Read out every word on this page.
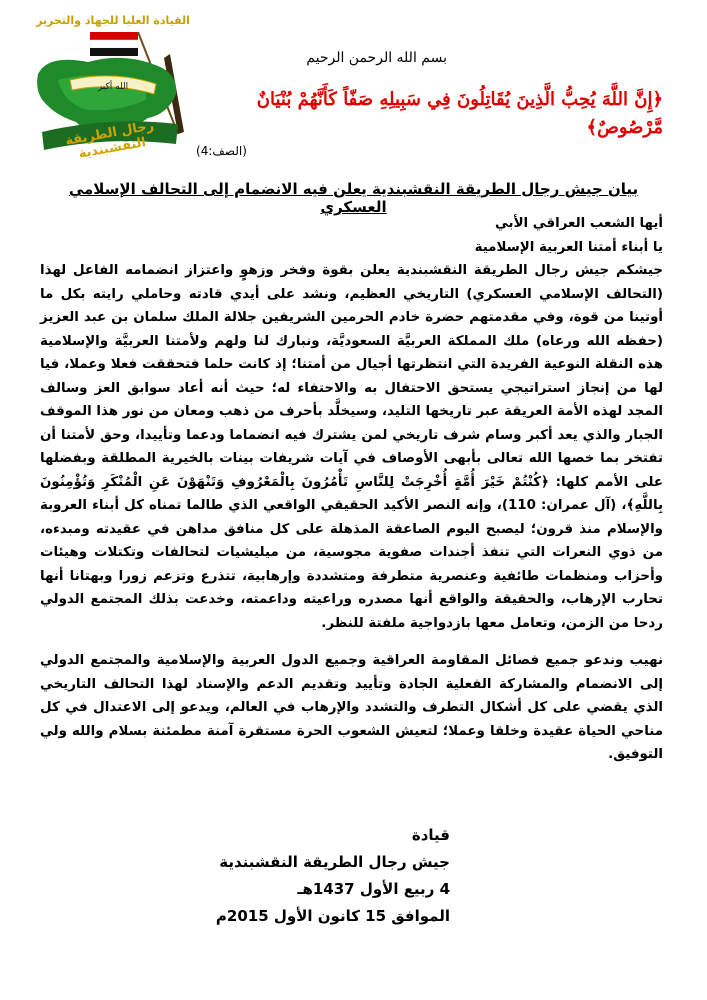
القيادة العليا للجهاد والتحرير
الله أكبر
رجال الطريقة النقشبندية
بسم الله الرحمن الرحيم
﴿إِنَّ اللَّهَ يُحِبُّ الَّذِينَ يُقَاتِلُونَ فِي سَبِيلِهِ صَفّاً كَأَنَّهُمْ بُنْيَانٌ مَّرْصُوصٌ﴾
(الصف:4)
بيان جيش رجال الطريقة النقشبندية يعلن فيه الانضمام إلى التحالف الإسلامي العسكري

أيها الشعب العراقي الأبي

يا أبناء أمتنا العربية الإسلامية

جيشكم جيش رجال الطريقة النقشبندية يعلن بقوة وفخر وزهوٍ واعتزاز انضمامه الفاعل لهذا (التحالف الإسلامي العسكري) التاريخي العظيم، ونشد على أيدي قادته وحاملي رايته بكل ما أوتينا من قوة، وفي مقدمتهم حضرة خادم الحرمين الشريفين جلالة الملك سلمان بن عبد العزيز (حفظه الله ورعاه) ملك المملكة العربيَّة السعوديَّة، ونبارك لنا ولهم ولأمتنا العربيَّة والإسلامية هذه النقلة النوعية الفريدة التي انتظرتها أجيال من أمتنا؛ إذ كانت حلما فتحققت فعلا وعملا، فيا لها من إنجاز استراتيجي يستحق الاحتفال به والاحتفاء له؛ حيث أنه أعاد سوابق العز وسالف المجد لهذه الأمة العريقة عبر تاريخها التليد، وسيخلَّد بأحرف من ذهب ومعان من نور هذا الموقف الجبار والذي يعد أكبر وسام شرف تاريخي لمن يشترك فيه انضماما ودعما وتأييدا، وحق لأمتنا أن تفتخر بما خصها الله تعالى بأبهى الأوصاف في آيات شريفات بينات بالخيرية المطلقة وبفضلها على الأمم كلها: ﴿كُنْتُمْ خَيْرَ أُمَّةٍ أُخْرِجَتْ لِلنَّاسِ تَأْمُرُونَ بِالْمَعْرُوفِ وَتَنْهَوْنَ عَنِ الْمُنْكَرِ وَتُؤْمِنُونَ بِاللَّهِ﴾، (آل عمران: 110)، وإنه النصر الأكيد الحقيقي الواقعي الذي طالما تمناه كل أبناء العروبة والإسلام منذ قرون؛ ليصبح اليوم الصاعقة المذهلة على كل منافق مداهن في عقيدته ومبدءه، من ذوي النعرات التي تنفذ أجندات صفوية مجوسية، من ميليشيات لتحالفات وتكتلات وهيئات وأحزاب ومنظمات طائفية وعنصرية متطرفة ومتشددة وإرهابية، تتذرع وتزعم زورا وبهتانا أنها تحارب الإرهاب، والحقيقة والواقع أنها مصدره وراعيته وداعمته، وخدعت بذلك المجتمع الدولي ردحا من الزمن، وتعامل معها بازدواجية ملفتة للنظر.

نهيب وندعو جميع فصائل المقاومة العراقية وجميع الدول العربية والإسلامية والمجتمع الدولي إلى الانضمام والمشاركة الفعلية الجادة وتأييد وتقديم الدعم والإسناد لهذا التحالف التاريخي الذي يقضي على كل أشكال التطرف والتشدد والإرهاب في العالم، ويدعو إلى الاعتدال في كل مناحي الحياة عقيدة وخلقا وعملا؛ لتعيش الشعوب الحرة مستقرة آمنة مطمئنة بسلام والله ولي التوفيق.

قيادة
جيش رجال الطريقة النقشبندية
4 ربيع الأول 1437هـ
الموافق 15 كانون الأول 2015م
